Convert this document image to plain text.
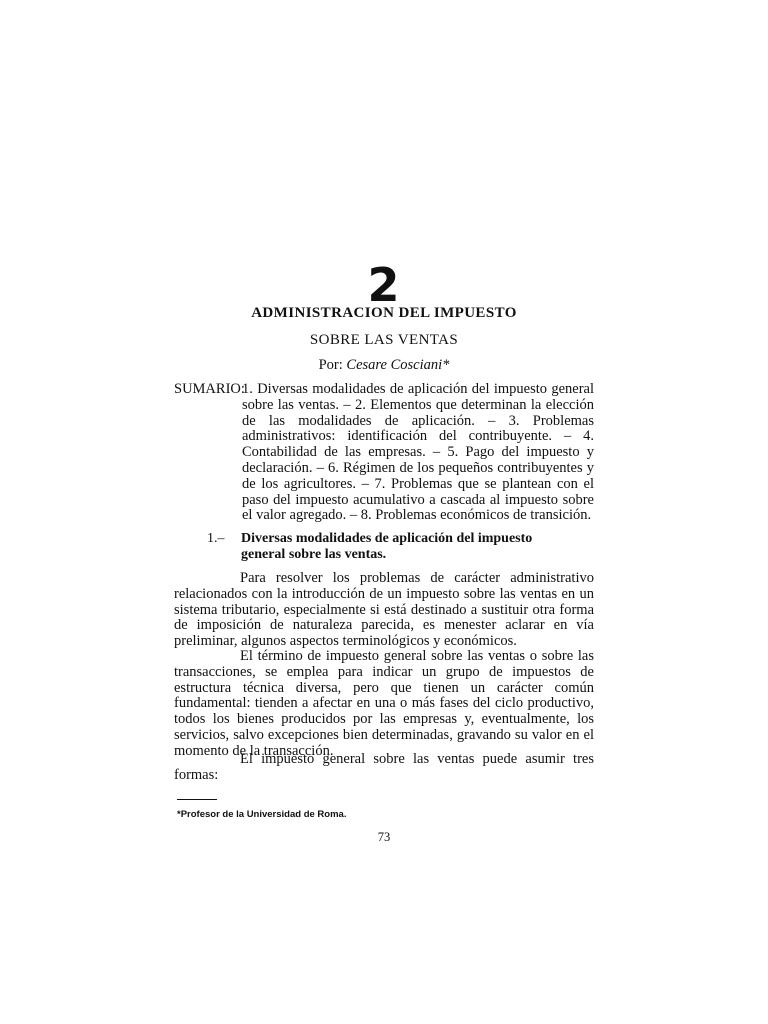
2
ADMINISTRACION DEL IMPUESTO
SOBRE LAS VENTAS
Por: Cesare Cosciani*
SUMARIO:
1. Diversas modalidades de aplicación del impuesto general sobre las ventas. – 2. Elementos que determinan la elección de las modalidades de aplicación. – 3. Problemas administrativos: identificación del contribuyente. – 4. Contabilidad de las empresas. – 5. Pago del impuesto y declaración. – 6. Régimen de los pequeños contribuyentes y de los agricultores. – 7. Problemas que se plantean con el paso del impuesto acumulativo a cascada al impuesto sobre el valor agregado. – 8. Problemas económicos de transición.
1.– Diversas modalidades de aplicación del impuesto general sobre las ventas.

Para resolver los problemas de carácter administrativo relacionados con la introducción de un impuesto sobre las ventas en un sistema tributario, especialmente si está destinado a sustituir otra forma de imposición de naturaleza parecida, es menester aclarar en vía preliminar, algunos aspectos terminológicos y económicos.

El término de impuesto general sobre las ventas o sobre las transacciones, se emplea para indicar un grupo de impuestos de estructura técnica diversa, pero que tienen un carácter común fundamental: tienden a afectar en una o más fases del ciclo productivo, todos los bienes producidos por las empresas y, eventualmente, los servicios, salvo excepciones bien determinadas, gravando su valor en el momento de la transacción.

El impuesto general sobre las ventas puede asumir tres formas:

*Profesor de la Universidad de Roma.
73
